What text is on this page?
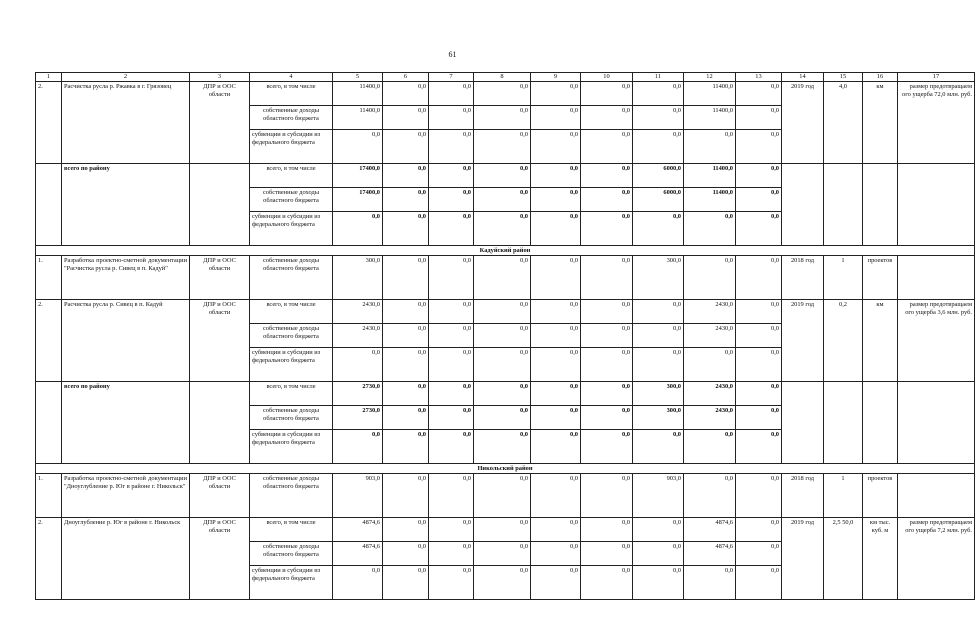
61
1	2	3	4	5	6	7	8	9	10	11	12	13	14	15	16	17
2.	Расчистка русла р. Ржавка в г. Грязовец	ДПР и ООС области	всего, в том числе	11400,0	0,0	0,0	0,0	0,0	0,0	0,0	11400,0	0,0	2019 год	4,0	км	размер предотвращаем ого ущерба 72,0 млн. руб.
			собственные доходы областного бюджета	11400,0	0,0	0,0	0,0	0,0	0,0	0,0	11400,0	0,0				
			субвенции и субсидии из федерального бюджета	0,0	0,0	0,0	0,0	0,0	0,0	0,0	0,0	0,0				
	всего по району		всего, в том числе	17400,0	0,0	0,0	0,0	0,0	0,0	6000,0	11400,0	0,0				
			собственные доходы областного бюджета	17400,0	0,0	0,0	0,0	0,0	0,0	6000,0	11400,0	0,0				
			субвенции и субсидии из федерального бюджета	0,0	0,0	0,0	0,0	0,0	0,0	0,0	0,0	0,0				
Кадуйский район																
1.	Разработка проектно-сметной документации "Расчистка русла р. Сивец в п. Кадуй"	ДПР и ООС области	собственные доходы областного бюджета	300,0	0,0	0,0	0,0	0,0	0,0	300,0	0,0	0,0	2018 год	1	проектов	
2.	Расчистка русла р. Сивец в п. Кадуй	ДПР и ООС области	всего, в том числе	2430,0	0,0	0,0	0,0	0,0	0,0	0,0	2430,0	0,0	2019 год	0,2	км	размер предотвращаем ого ущерба 3,6 млн. руб.
			собственные доходы областного бюджета	2430,0	0,0	0,0	0,0	0,0	0,0	0,0	2430,0	0,0				
			субвенции и субсидии из федерального бюджета	0,0	0,0	0,0	0,0	0,0	0,0	0,0	0,0	0,0				
	всего по району		всего, в том числе	2730,0	0,0	0,0	0,0	0,0	0,0	300,0	2430,0	0,0				
			собственные доходы областного бюджета	2730,0	0,0	0,0	0,0	0,0	0,0	300,0	2430,0	0,0				
			субвенции и субсидии из федерального бюджета	0,0	0,0	0,0	0,0	0,0	0,0	0,0	0,0	0,0				
Никольский район																
1.	Разработка проектно-сметной документации "Дноуглубление р. Юг в районе г. Никольск"	ДПР и ООС области	собственные доходы областного бюджета	903,0	0,0	0,0	0,0	0,0	0,0	903,0	0,0	0,0	2018 год	1	проектов	
2.	Дноуглубление р. Юг в районе г. Никольск	ДПР и ООС области	всего, в том числе	4874,6	0,0	0,0	0,0	0,0	0,0	0,0	4874,6	0,0	2019 год	2,5 50,0	км тыс. куб. м	размер предотвращаем ого ущерба 7,2 млн. руб.
			собственные доходы областного бюджета	4874,6	0,0	0,0	0,0	0,0	0,0	0,0	4874,6	0,0				
			субвенции и субсидии из федерального бюджета	0,0	0,0	0,0	0,0	0,0	0,0	0,0	0,0	0,0				
